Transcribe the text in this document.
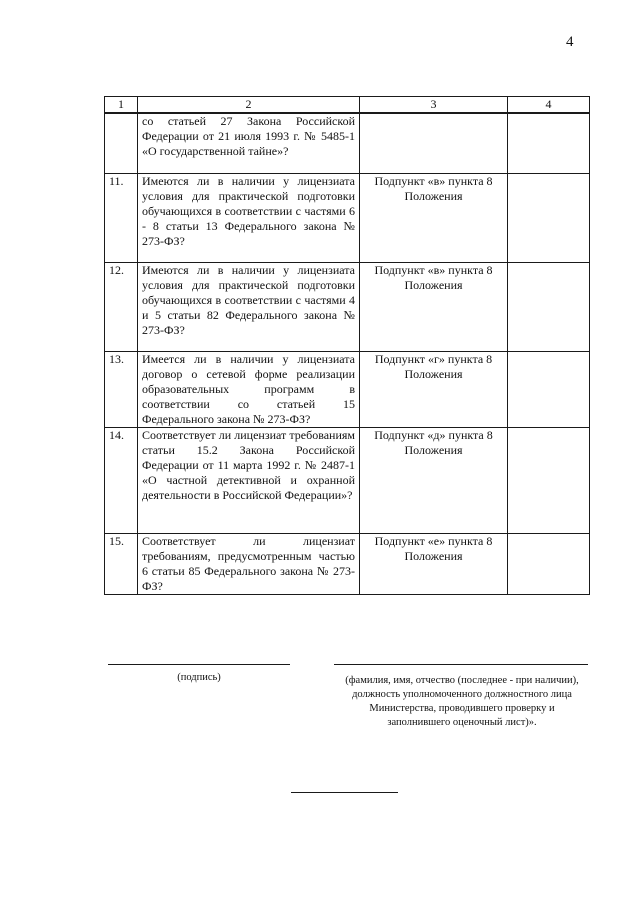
4
1	2	3	4
	со статьей 27 Закона Российской Федерации от 21 июля 1993 г. № 5485-1 «О государственной тайне»?		
11.	Имеются ли в наличии у лицензиата условия для практической подготовки обучающихся в соответствии с частями 6 - 8 статьи 13 Федерального закона № 273-ФЗ?	Подпункт «в» пункта 8 Положения	
12.	Имеются ли в наличии у лицензиата условия для практической подготовки обучающихся в соответствии с частями 4 и 5 статьи 82 Федерального закона № 273-ФЗ?	Подпункт «в» пункта 8 Положения	
13.	Имеется ли в наличии у лицензиата договор о сетевой форме реализации образовательных программ в соответствии со статьей 15 Федерального закона № 273-ФЗ?	Подпункт «г» пункта 8 Положения	
14.	Соответствует ли лицензиат требованиям статьи 15.2 Закона Российской Федерации от 11 марта 1992 г. № 2487-1 «О частной детективной и охранной деятельности в Российской Федерации»?	Подпункт «д» пункта 8 Положения	
15.	Соответствует ли лицензиат требованиям, предусмотренным частью 6 статьи 85 Федерального закона № 273-ФЗ?	Подпункт «е» пункта 8 Положения	
(подпись)	(фамилия, имя, отчество (последнее - при наличии),
должность уполномоченного должностного лица
Министерства, проводившего проверку и
заполнившего оценочный лист)».
